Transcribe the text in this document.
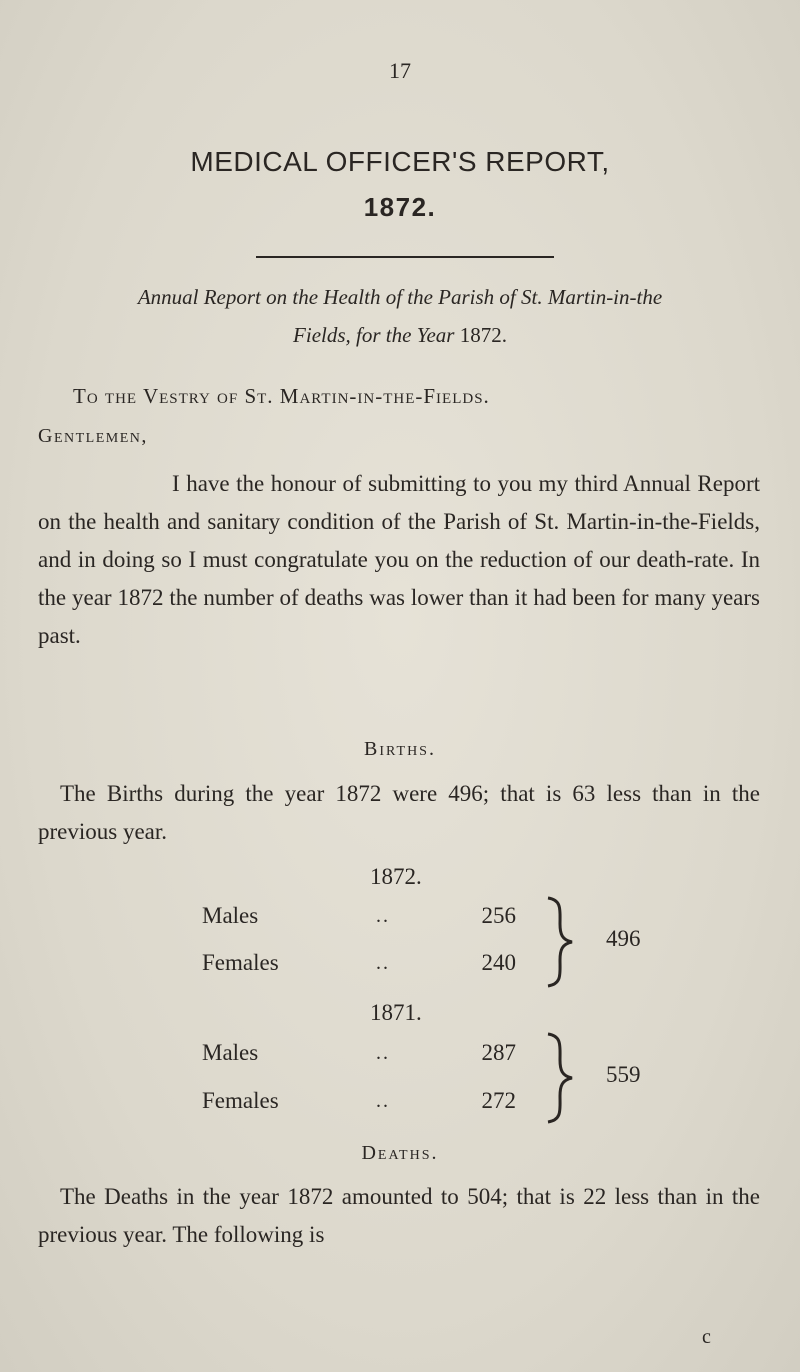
17
MEDICAL OFFICER'S REPORT,
1872.
Annual Report on the Health of the Parish of St. Martin-in-the
Fields, for the Year 1872.
To the Vestry of St. Martin-in-the-Fields.
Gentlemen,
I have the honour of submitting to you my third Annual Report on the health and sanitary condition of the Parish of St. Martin-in-the-Fields, and in doing so I must congratulate you on the reduction of our death-rate. In the year 1872 the number of deaths was lower than it had been for many years past.
Births.
The Births during the year 1872 were 496; that is 63 less than in the previous year.
1872.
Males	..	256
Females	..	240
496
1871.
Males	..	287
Females	..	272
559
Deaths.
The Deaths in the year 1872 amounted to 504; that is 22 less than in the previous year. The following is
c
